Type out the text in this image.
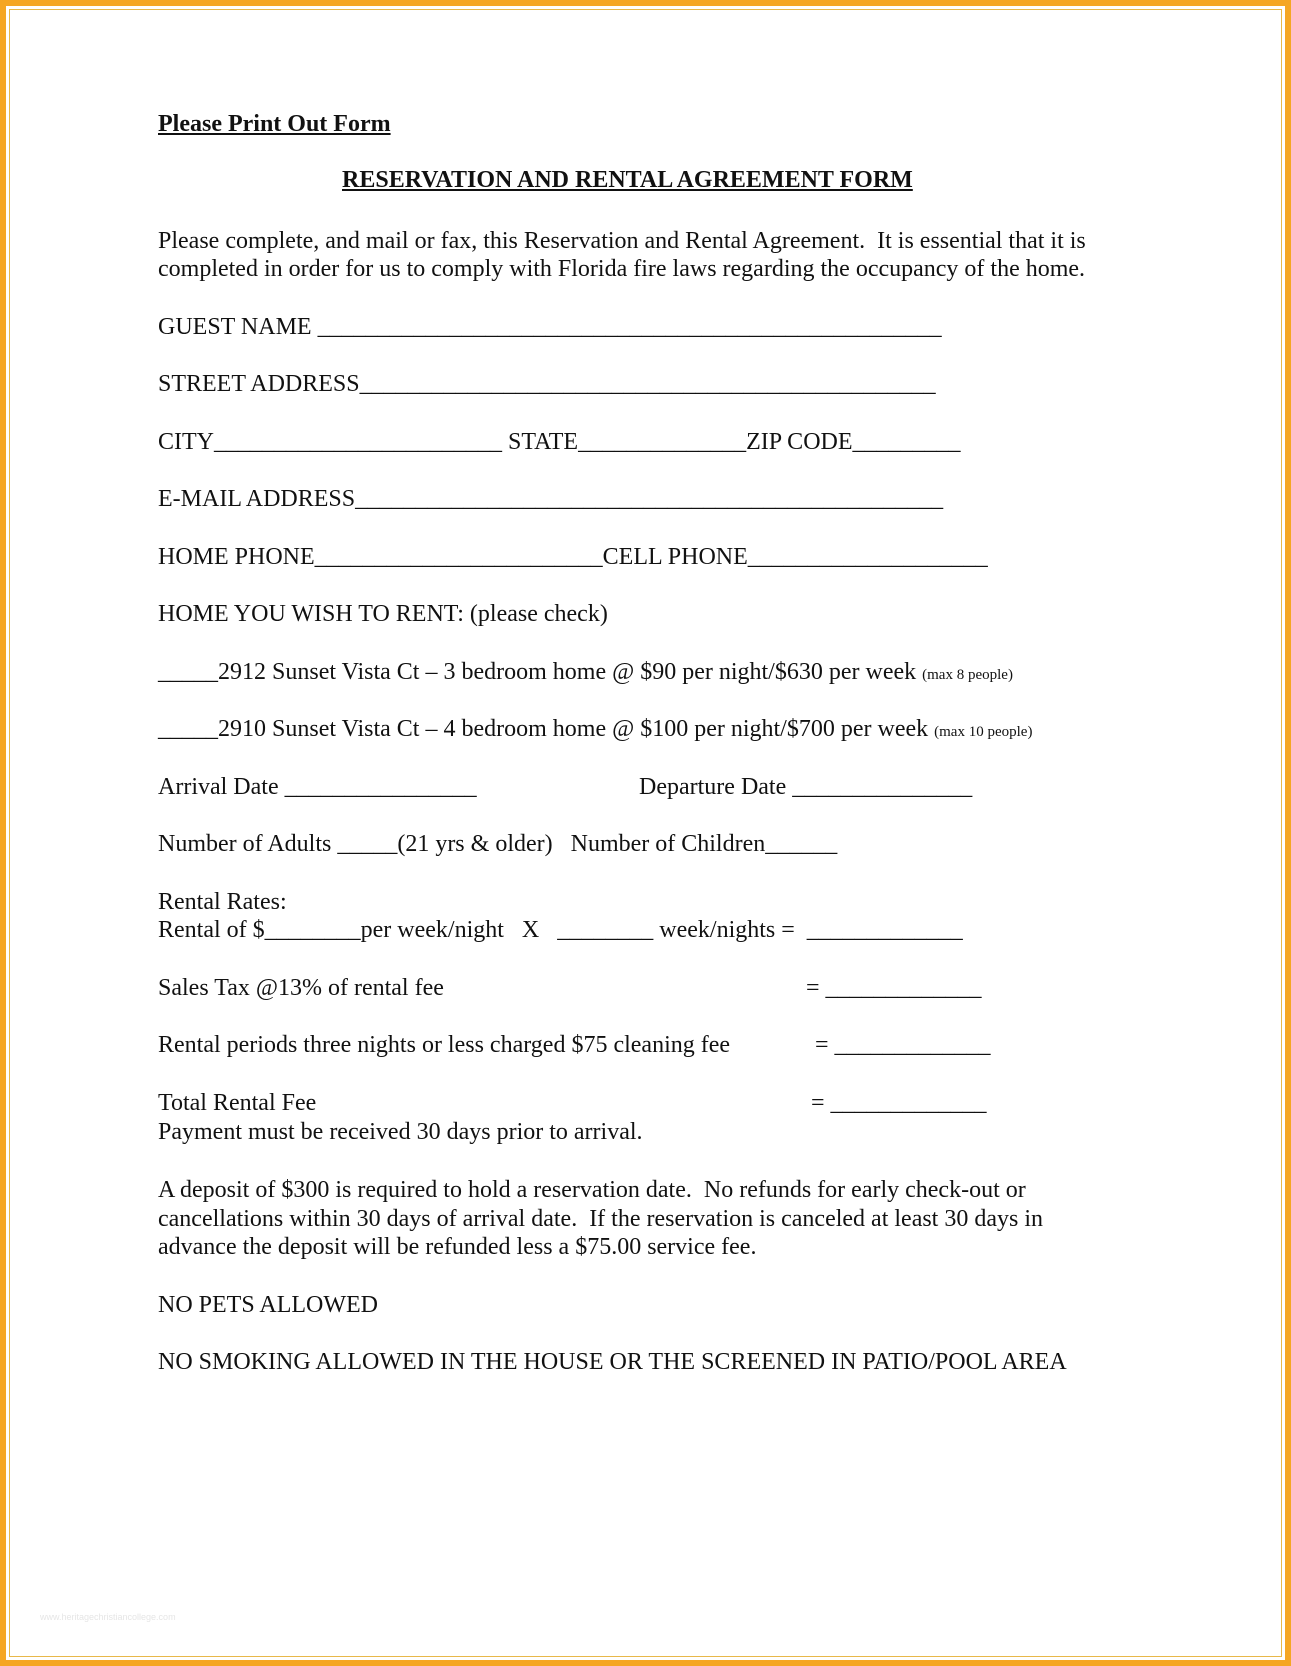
Please Print Out Form
RESERVATION AND RENTAL AGREEMENT FORM
Please complete, and mail or fax, this Reservation and Rental Agreement.  It is essential that it is
completed in order for us to comply with Florida fire laws regarding the occupancy of the home.
GUEST NAME ____________________________________________________
STREET ADDRESS________________________________________________
CITY________________________ STATE______________ZIP CODE_________
E-MAIL ADDRESS_________________________________________________
HOME PHONE________________________CELL PHONE____________________
HOME YOU WISH TO RENT: (please check)
_____2912 Sunset Vista Ct – 3 bedroom home @ $90 per night/$630 per week (max 8 people)
_____2910 Sunset Vista Ct – 4 bedroom home @ $100 per night/$700 per week (max 10 people)
Arrival Date ________________	Departure Date _______________
Number of Adults _____(21 yrs & older)   Number of Children______
Rental Rates:
Rental of $________per week/night   X   ________ week/nights =  _____________
Sales Tax @13% of rental fee	= _____________
Rental periods three nights or less charged $75 cleaning fee	= _____________
Total Rental Fee	= _____________
Payment must be received 30 days prior to arrival.
A deposit of $300 is required to hold a reservation date.  No refunds for early check-out or
cancellations within 30 days of arrival date.  If the reservation is canceled at least 30 days in
advance the deposit will be refunded less a $75.00 service fee.
NO PETS ALLOWED
NO SMOKING ALLOWED IN THE HOUSE OR THE SCREENED IN PATIO/POOL AREA
www.heritagechristiancollege.com
